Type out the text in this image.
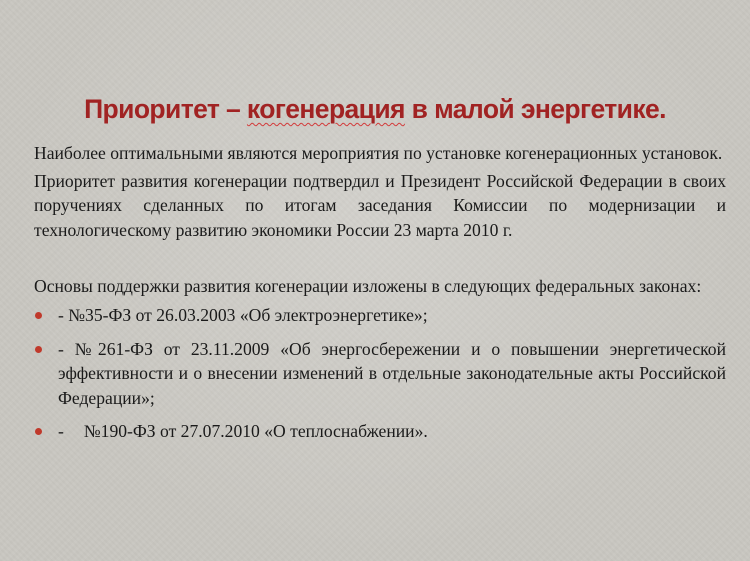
Приоритет – когенерация в малой энергетике.

Наиболее оптимальными являются мероприятия по установке когенерационных установок.

Приоритет развития когенерации подтвердил и Президент Российской Федерации в своих поручениях сделанных по итогам заседания Комиссии по модернизации и технологическому развитию экономики России 23 марта 2010 г.

Основы поддержки развития когенерации изложены в следующих федеральных законах:

- №35-ФЗ от 26.03.2003 «Об электроэнергетике»;
- №261-ФЗ от 23.11.2009 «Об энергосбережении и о повышении энергетической эффективности и о внесении изменений в отдельные законодательные акты Российской Федерации»;
- №190-ФЗ от 27.07.2010 «О теплоснабжении».
